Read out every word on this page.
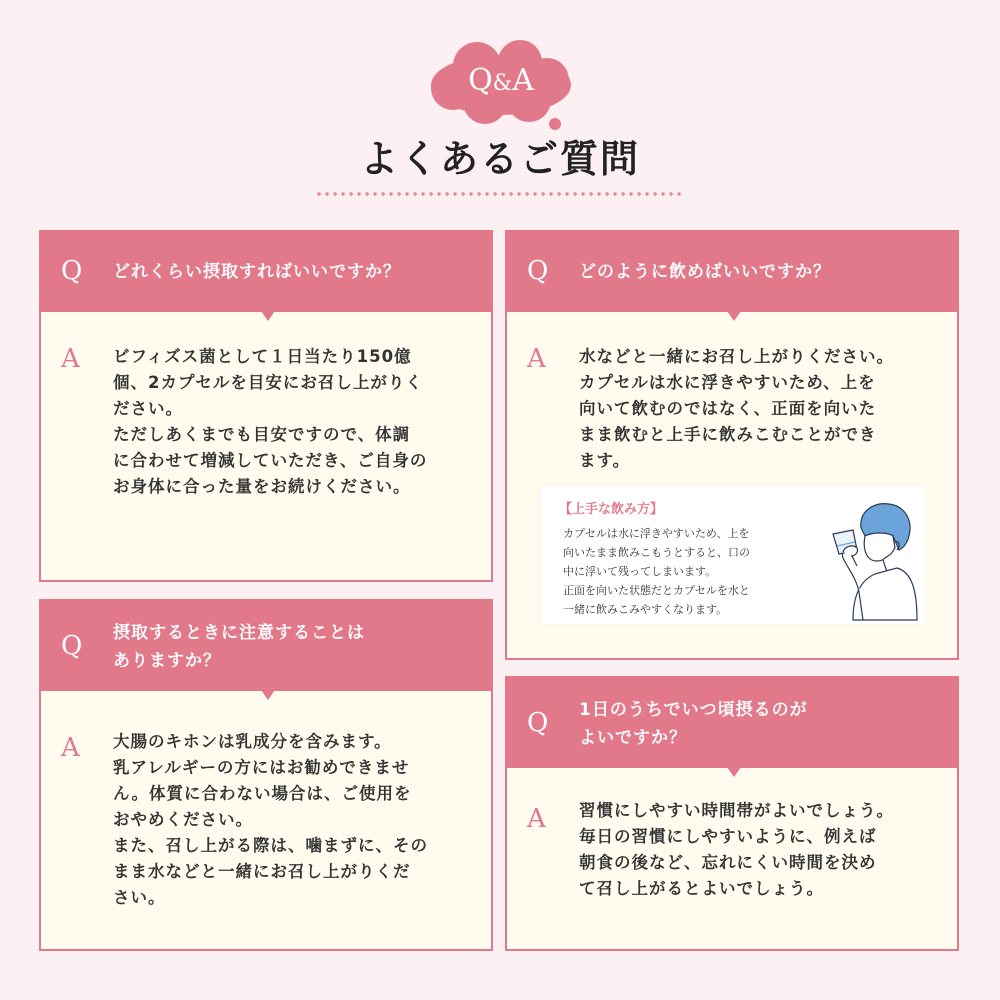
Q&A
よくあるご質問
Q どれくらい摂取すればいいですか？

A ビフィズス菌として１日当たり150億

個、2カプセルを目安にお召し上がりく

ださい。

ただしあくまでも目安ですので、体調

に合わせて増減していただき、ご自身の

お身体に合った量をお続けください。

Q どのように飲めばいいですか？

A 水などと一緒にお召し上がりください。

カプセルは水に浮きやすいため、上を

向いて飲むのではなく、正面を向いた

まま飲むと上手に飲みこむことができ

ます。

【上手な飲み方】

カプセルは水に浮きやすいため、上を

向いたまま飲みこもうとすると、口の

中に浮いて残ってしまいます。

正面を向いた状態だとカプセルを水と

一緒に飲みこみやすくなります。

Q 摂取するときに注意することは

ありますか？

A 大腸のキホンは乳成分を含みます。

乳アレルギーの方にはお勧めできませ

ん。体質に合わない場合は、ご使用を

おやめください。

また、召し上がる際は、噛まずに、その

まま水などと一緒にお召し上がりくだ

さい。

Q 1日のうちでいつ頃摂るのが

よいですか？

A 習慣にしやすい時間帯がよいでしょう。

毎日の習慣にしやすいように、例えば

朝食の後など、忘れにくい時間を決め

て召し上がるとよいでしょう。
